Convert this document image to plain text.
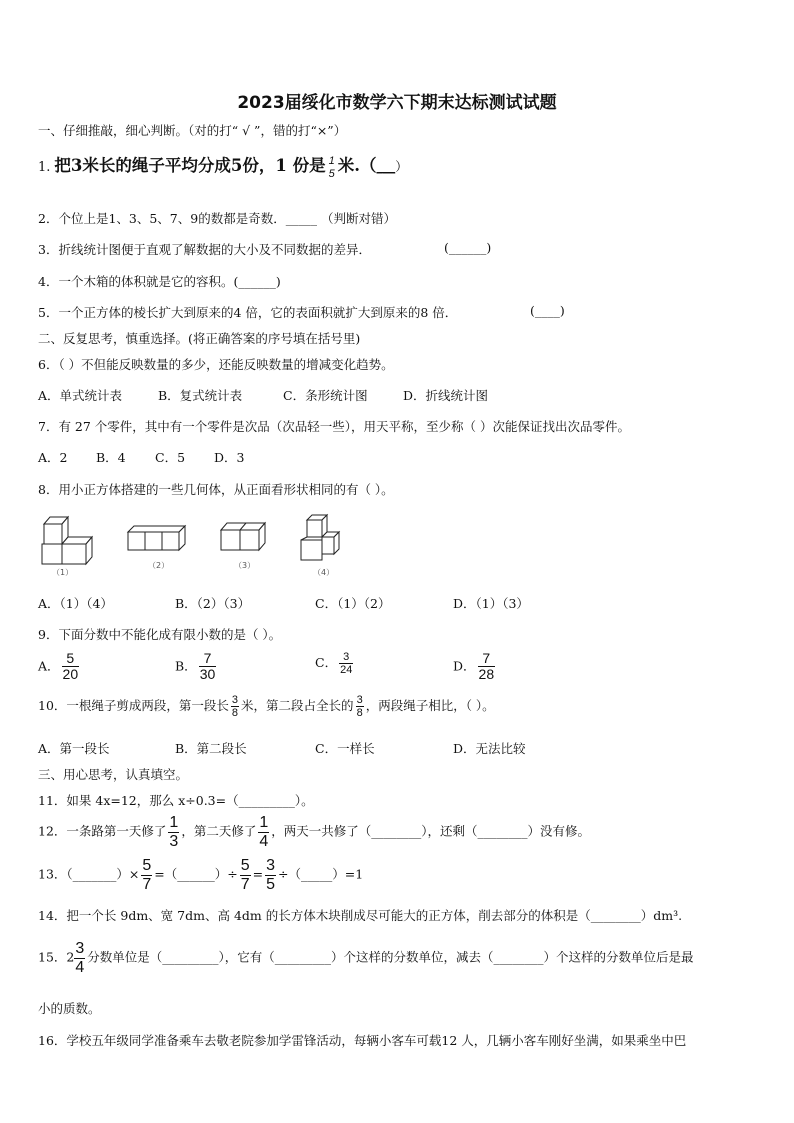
2023届绥化市数学六下期末达标测试试题
一、仔细推敲，细心判断。（对的打“ √ ”，错的打“×”）
1. 把3米长的绳子平均分成5份，1 份是 1
5 米.（___）
2．个位上是1、3、5、7、9的数都是奇数．_____ （判断对错）
3．折线统计图便于直观了解数据的大小及不同数据的差异．	(______)
4．一个木箱的体积就是它的容积。(______)
5．一个正方体的棱长扩大到原来的4 倍，它的表面积就扩大到原来的8 倍．	(____)
二、反复思考，慎重选择。(将正确答案的序号填在括号里)
6．（ ）不但能反映数量的多少，还能反映数量的增减变化趋势。
A．单式统计表	B．复式统计表	C．条形统计图	D．折线统计图
7．有 27 个零件，其中有一个零件是次品（次品轻一些），用天平称，至少称（ ）次能保证找出次品零件。
A．2 B．4 C．5 D．3
8．用小正方体搭建的一些几何体，从正面看形状相同的有（ ）。
（1）
（2）	（3）
（4）
A．（1）（4）	B．（2）（3）	C．（1）（2）	D．（1）（3）
9．下面分数中不能化成有限小数的是（ ）。
A． $\frac{5}{20}$	B． $\frac{7}{30}$	C． $\frac{3}{24}$	D． $\frac{7}{28}$
10．一根绳子剪成两段，第一段长 $\frac{3}{8}$ 米，第二段占全长的 $\frac{3}{8}$ ，两段绳子相比，（ ）。
A．第一段长	B．第二段长	C．一样长	D．无法比较
三、用心思考，认真填空。
11．如果 4x=12，那么 x÷0.3=（_________）。
12．一条路第一天修了 $\frac{1}{3}$ ，第二天修了 $\frac{1}{4}$ ，两天一共修了（________），还剩（________）没有修。
13．（_______）× $\frac{5}{7}$ =（______）÷ $\frac{5}{7} = \frac{3}{5}$ ÷（_____）=1
14．把一个长 9dm、宽 7dm、高 4dm 的长方体木块削成尽可能大的正方体，削去部分的体积是（________）dm³.
15．$2 \frac{3}{4}$ 分数单位是（_________），它有（_________）个这样的分数单位，减去（________）个这样的分数单位后是最
小的质数。
16．学校五年级同学准备乘车去敬老院参加学雷锋活动，每辆小客车可载12 人，几辆小客车刚好坐满，如果乘坐中巴
